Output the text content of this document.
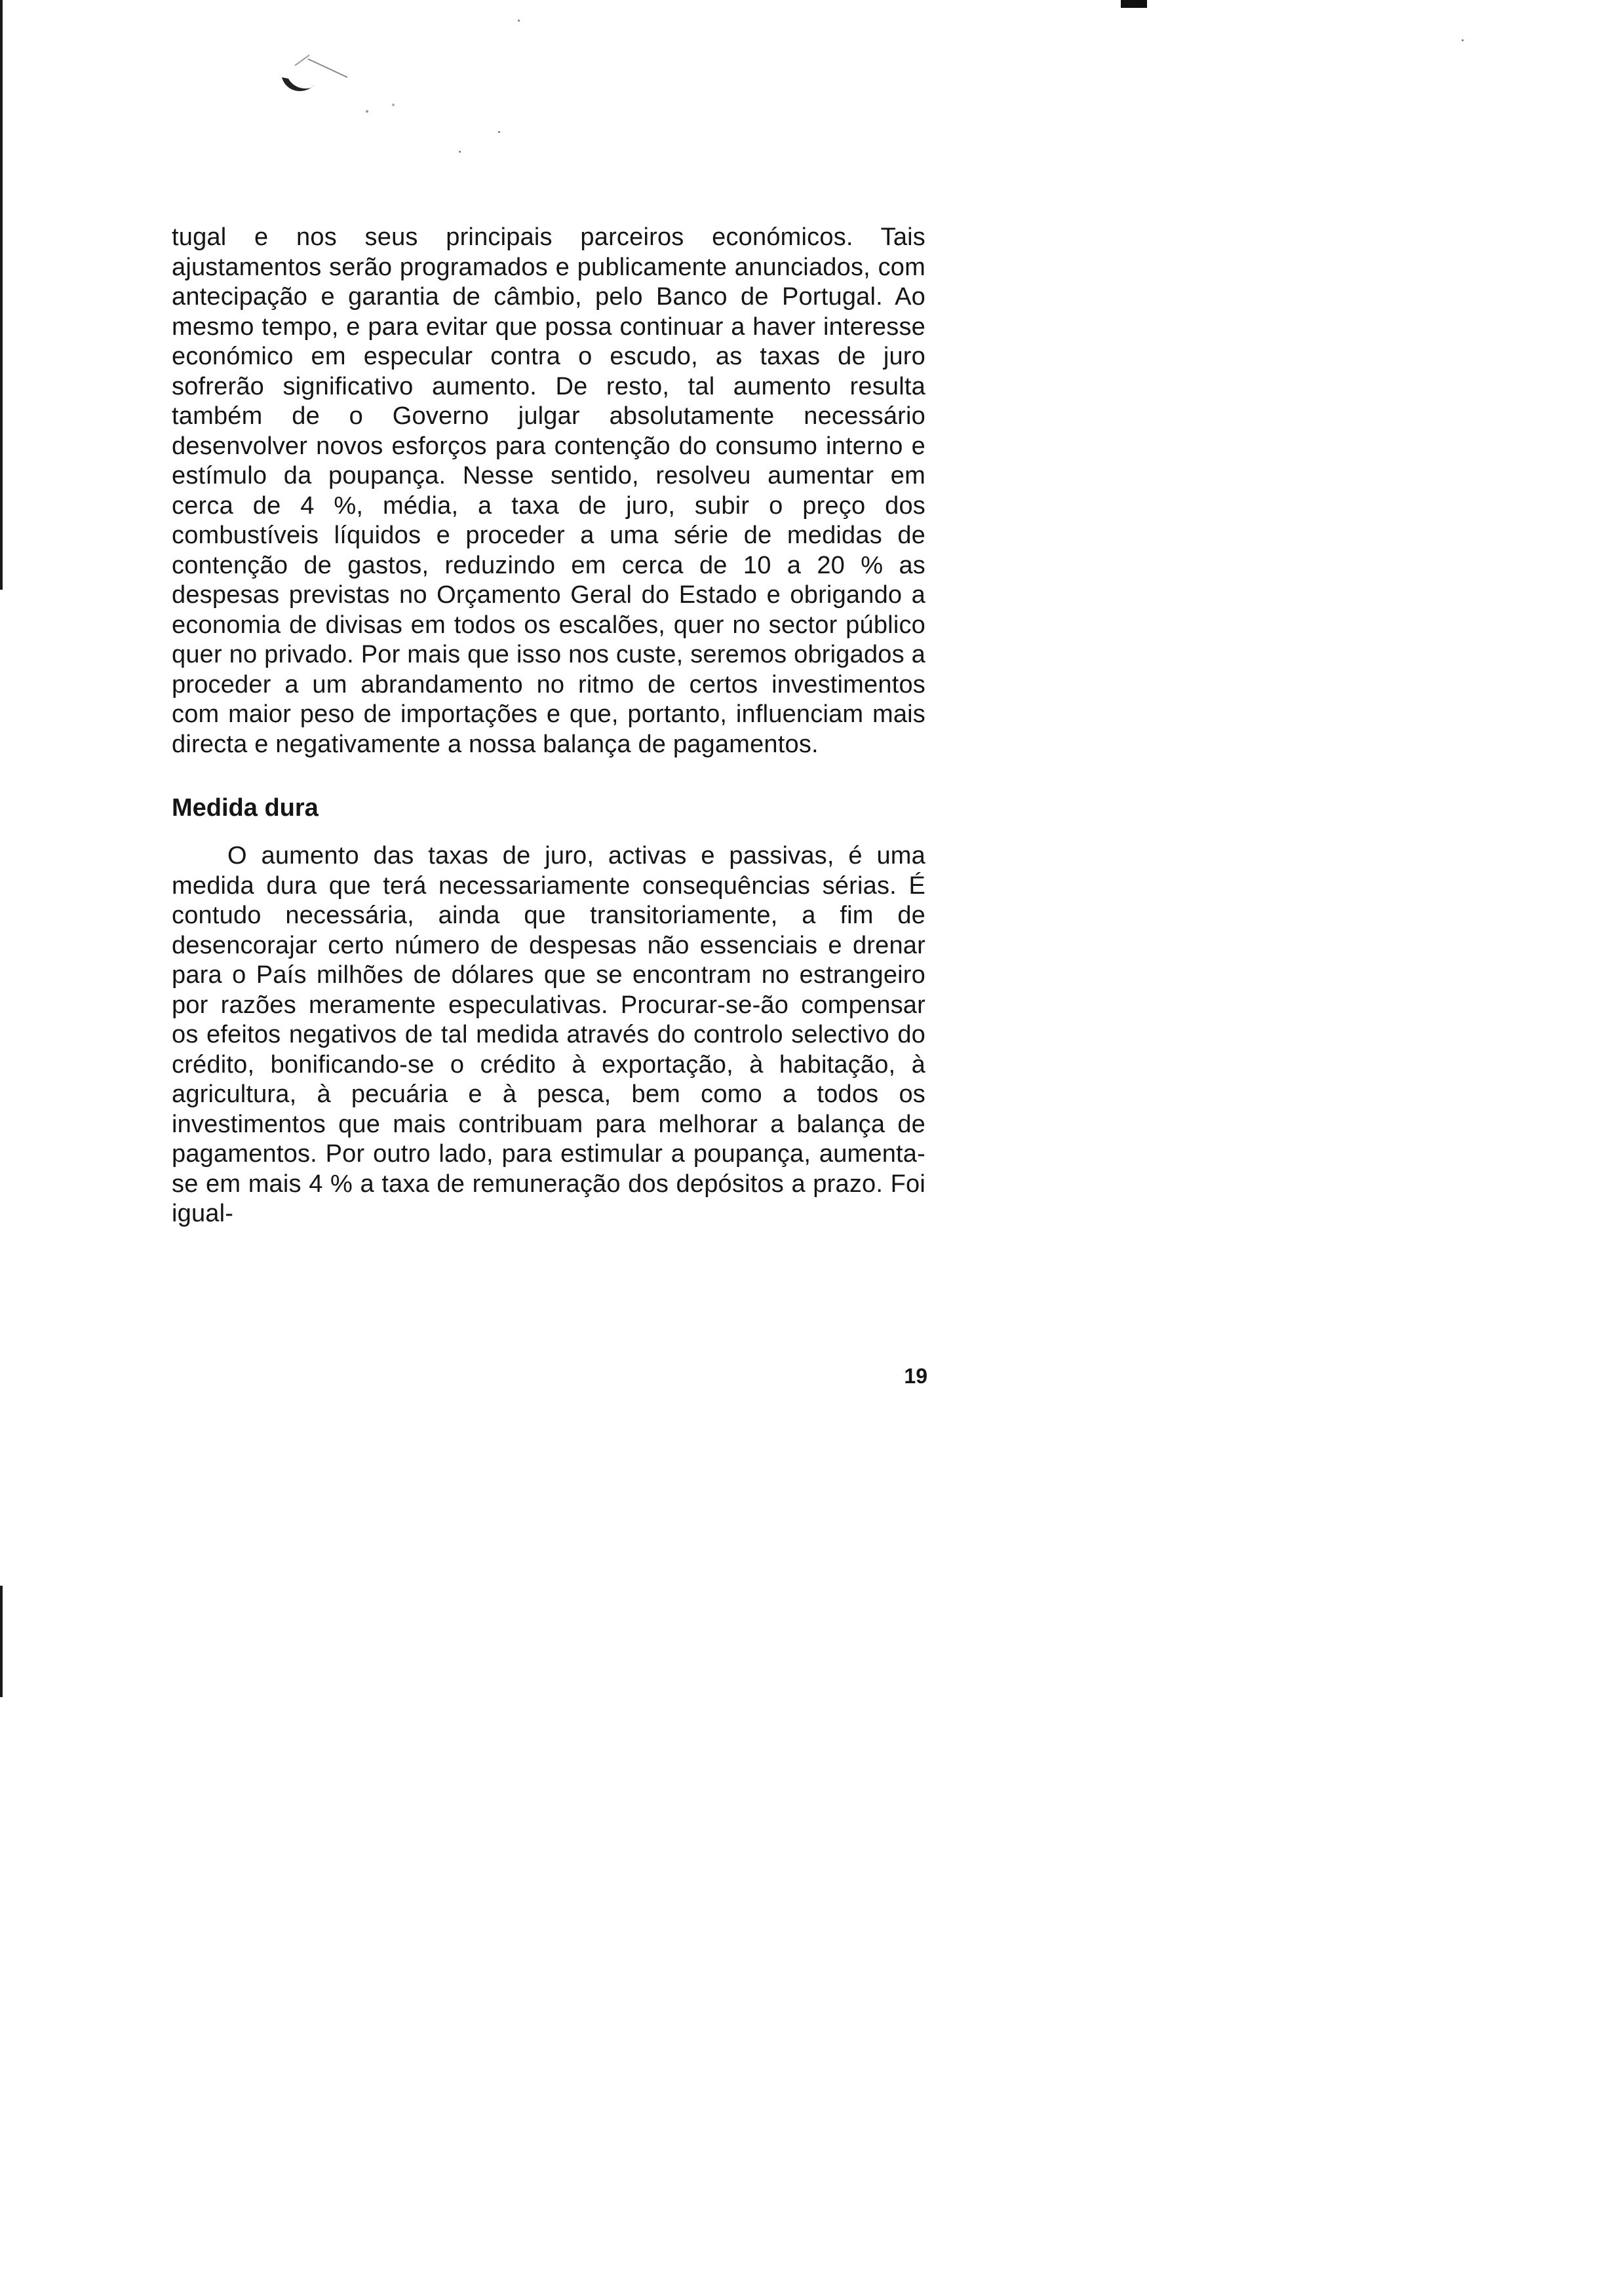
tugal e nos seus principais parceiros económicos. Tais ajustamentos serão programados e publicamente anunciados, com antecipação e garantia de câmbio, pelo Banco de Portugal. Ao mesmo tempo, e para evitar que possa continuar a haver interesse económico em especular contra o escudo, as taxas de juro sofrerão significativo aumento. De resto, tal aumento resulta também de o Governo julgar absolutamente necessário desenvolver novos esforços para contenção do consumo interno e estímulo da poupança. Nesse sentido, resolveu aumentar em cerca de 4 %, média, a taxa de juro, subir o preço dos combustíveis líquidos e proceder a uma série de medidas de contenção de gastos, reduzindo em cerca de 10 a 20 % as despesas previstas no Orçamento Geral do Estado e obrigando a economia de divisas em todos os escalões, quer no sector público quer no privado. Por mais que isso nos custe, seremos obrigados a proceder a um abrandamento no ritmo de certos investimentos com maior peso de importações e que, portanto, influenciam mais directa e negativamente a nossa balança de pagamentos.

Medida dura

O aumento das taxas de juro, activas e passivas, é uma medida dura que terá necessariamente consequências sérias. É contudo necessária, ainda que transitoriamente, a fim de desencorajar certo número de despesas não essenciais e drenar para o País milhões de dólares que se encontram no estrangeiro por razões meramente especulativas. Procurar-se-ão compensar os efeitos negativos de tal medida através do controlo selectivo do crédito, bonificando-se o crédito à exportação, à habitação, à agricultura, à pecuária e à pesca, bem como a todos os investimentos que mais contribuam para melhorar a balança de pagamentos. Por outro lado, para estimular a poupança, aumenta-se em mais 4 % a taxa de remuneração dos depósitos a prazo. Foi igual-

19
